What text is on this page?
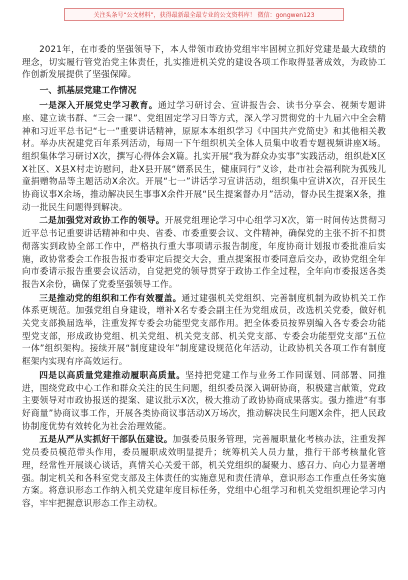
关注头条号“公文材料”，获得最新最全最专业的公文资料库！ 微信：gongwen123

2021年，在市委的坚强领导下，本人带领市政协党组牢牢固树立抓好党建是最大政绩的理念，切实履行管党治党主体责任，扎实推进机关党的建设各项工作取得显著成效，为政协工作创新发展提供了坚强保障。

一、抓基层党建工作情况

一是深入开展党史学习教育。通过学习研讨会、宣讲报告会、读书分享会、视频专题讲座、建立读书群、“三会一课”、党组固定学习日等方式，深入学习贯彻党的十九届六中全会精神和习近平总书记“七一”重要讲话精神，原原本本组织学习《中国共产党简史》和其他相关教材。举办庆祝建党百年系列活动，每周一下午组织机关全体人员集中收看专题视频讲座X场。组织集体学习研讨X次，撰写心得体会X篇。扎实开展“我为群众办实事”实践活动，组织赴X区X社区、X县X村走访慰问，赴X县开展“婿系民生，健康同行”义诊，赴市社会福利院为孤残儿童捐赠物品等主题活动X余次。开展“七一”讲话学习宣讲活动，组织集中宣讲X次，召开民生协商议事X余场，推动解决民生事事X余件开展“民生提案督办月”活动，督办民生提案X条，推动一批民生问题得到解决。

二是加强党对政协工作的领导。开展党组理论学习中心组学习X次，第一时间传达贯彻习近平总书记重要讲话精神和中央、省委、市委重要会议、文件精神，确保党的主张不折不扣贯彻落实到政协全部工作中，严格执行重大事项请示报告制度，年度协商计划报市委批准后实施，政协常委会工作报告报市委审定后提交大会，重点提案报市委同意后交办，政协党组全年向市委请示报告重要会议活动，自觉把党的领导贯穿于政协工作全过程，全年向市委报送各类报告X余份，确保了党委坚强领导工作。

三是推动党的组织和工作有效覆盖。通过建强机关党组织、完善制度机制为政协机关工作体系更规范。加强党组自身建设，增补X名专委会副主任为党组成员，改选机关党委，做好机关党支部换届选举，注重发挥专委会功能型党支部作用。把全体委员按界别编入各专委会功能型党支部，形成政协党组、机关党组、机关党支部、机关党支部、专委会功能型党支部“五位一体”组织架构。接续开展“制度建设年”制度建设规范化年活动，让政协机关各项工作有制度框架内实现有序高效运行。

四是以高质量党建推动履职高质量。坚持把党建工作与业务工作同谋划、同部署、同推进，围绕党政中心工作和群众关注的民生问题，组织委员深入调研协商，积极建言献策，党政主要领导对市政协报送的提案、建议批示X次，极大推动了政协协商成果落实。强力推进“有事好商量”协商议事工作，开展各类协商议事活动X万场次，推动解决民生问题X余件，把人民政协制度优势有效转化为社会治理效能。

五是从严从实抓好干部队伍建设。加强委员服务管理，完善履职量化考核办法，注重发挥党员委员模范带头作用，委员履职成效明显提升；统筹机关人员力量，推行干部考核量化管理，经常性开展谈心谈话，真情关心关爱干部，机关党组织的凝聚力、感召力、向心力显著增强。制定机关和各科室党支部及主体责任的实施意见和责任清单，意识形态工作重点任务实施方案。将意识形态工作纳入机关党建年度目标任务，党组中心组学习和机关党组织理论学习内容，牢牢把握意识形态工作主动权。
